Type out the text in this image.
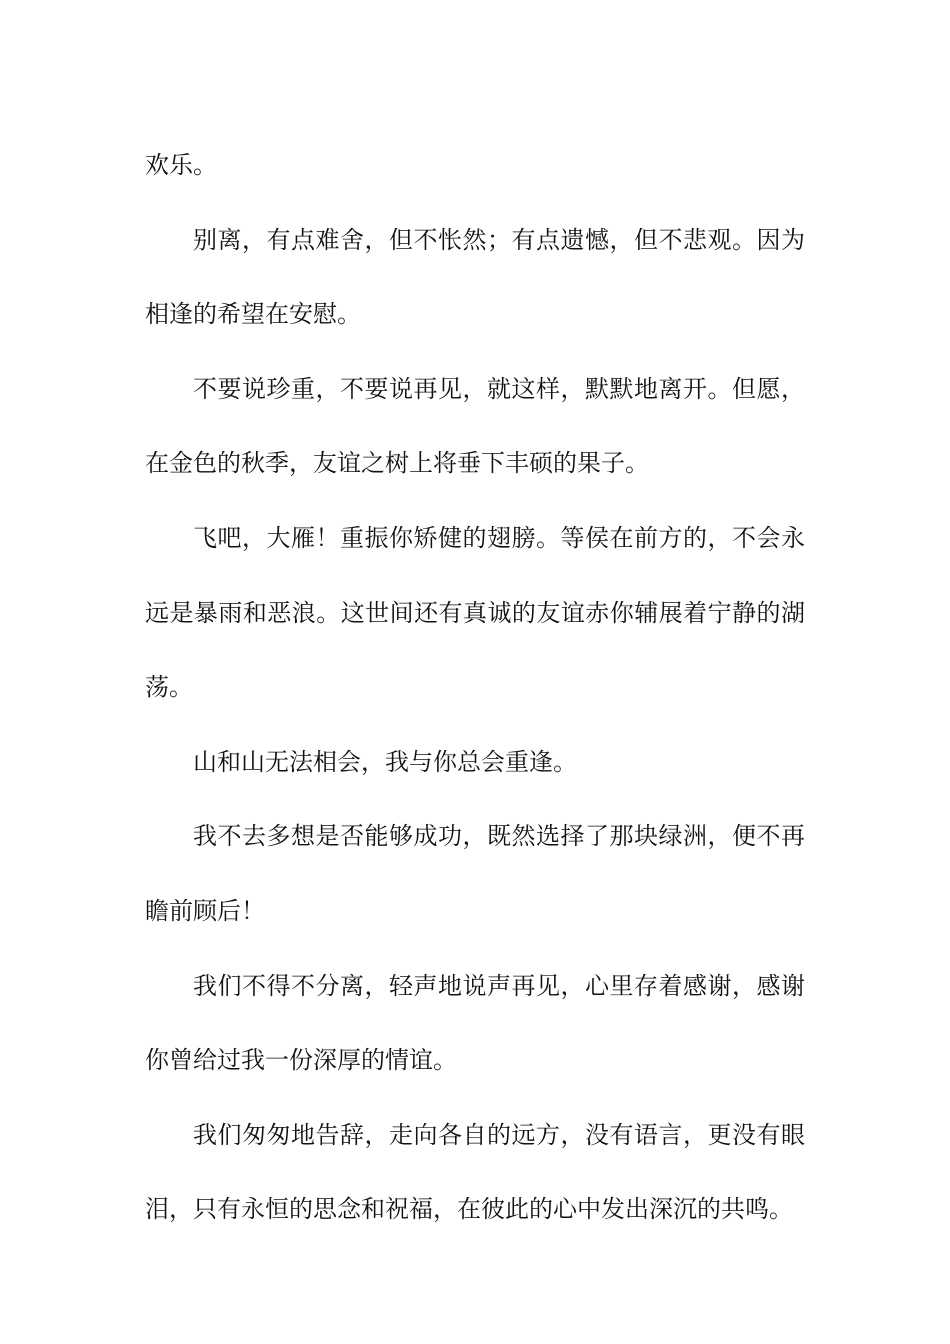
欢乐。

别离，有点难舍，但不怅然；有点遗憾，但不悲观。因为相逢的希望在安慰。

不要说珍重，不要说再见，就这样，默默地离开。但愿，在金色的秋季，友谊之树上将垂下丰硕的果子。

飞吧，大雁！重振你矫健的翅膀。等侯在前方的，不会永远是暴雨和恶浪。这世间还有真诚的友谊赤你辅展着宁静的湖荡。

山和山无法相会，我与你总会重逢。

我不去多想是否能够成功，既然选择了那块绿洲，便不再瞻前顾后！

我们不得不分离，轻声地说声再见，心里存着感谢，感谢你曾给过我一份深厚的情谊。

我们匆匆地告辞，走向各自的远方，没有语言，更没有眼泪，只有永恒的思念和祝福，在彼此的心中发出深沉的共鸣。
